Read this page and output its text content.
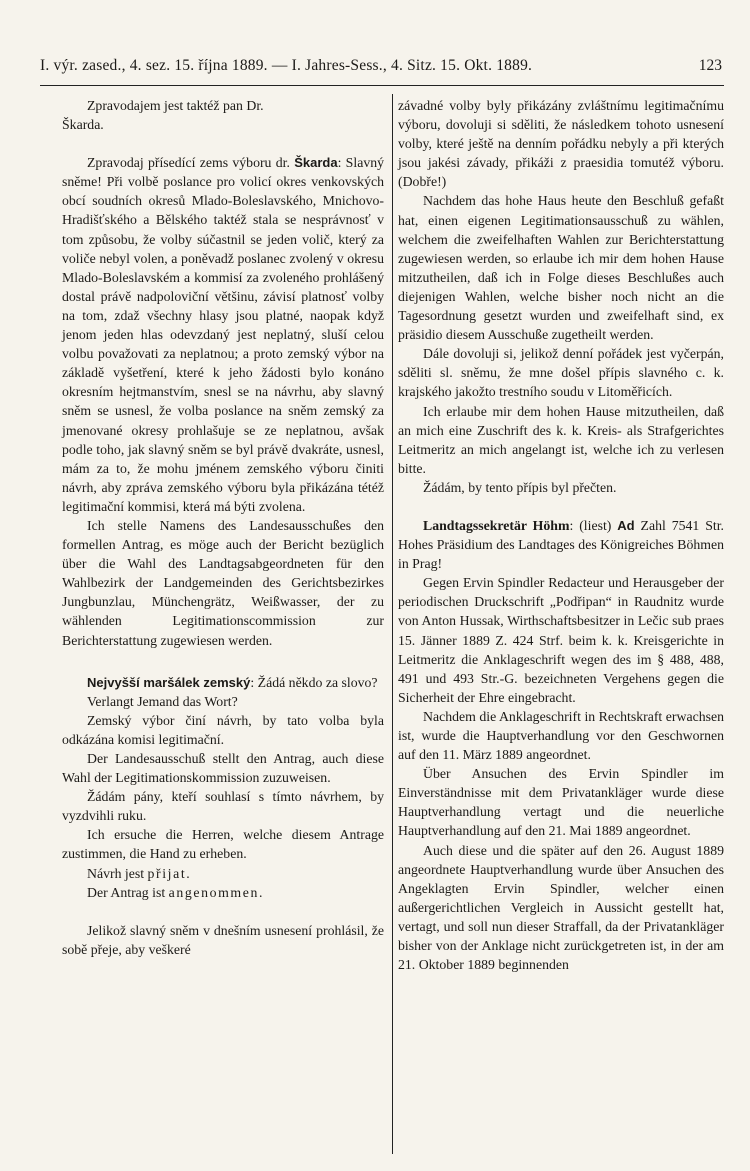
I. výr. zased., 4. sez. 15. října 1889. — I. Jahres-Sess., 4. Sitz. 15. Okt. 1889.	123

Zpravodajem jest taktéž pan Dr.

Škarda.

Zpravodaj přísedící zems výboru dr. Škarda: Slavný sněme! Při volbě poslance pro volicí okres venkovských obcí soudních okresů Mlado-Boleslavského, Mnichovo-Hradišťského a Bělského taktéž stala se nesprávnosť v tom způsobu, že volby súčastnil se jeden volič, který za voliče nebyl volen, a poněvadž poslanec zvolený v okresu Mlado-Boleslavském a kommisí za zvoleného prohlášený dostal právě nadpoloviční většinu, závisí platnosť volby na tom, zdaž všechny hlasy jsou platné, naopak když jenom jeden hlas odevzdaný jest neplatný, sluší celou volbu považovati za neplatnou; a proto zemský výbor na základě vyšetření, které k jeho žádosti bylo konáno okresním hejtmanstvím, snesl se na návrhu, aby slavný sněm se usnesl, že volba poslance na sněm zemský za jmenované okresy prohlašuje se ze neplatnou, avšak podle toho, jak slavný sněm se byl právě dvakráte, usnesl, mám za to, že mohu jménem zemského výboru činiti návrh, aby zpráva zemského výboru byla přikázána tétéž legitimační kommisi, která má býti zvolena.

Ich stelle Namens des Landesausschußes den formellen Antrag, es möge auch der Bericht bezüglich über die Wahl des Landtagsabgeordneten für den Wahlbezirk der Landgemeinden des Gerichtsbezirkes Jungbunzlau, Münchengrätz, Weißwasser, der zu wählenden Legitimationscommission zur Berichterstattung zugewiesen werden.

Nejvyšší maršálek zemský: Žádá někdo za slovo?

Verlangt Jemand das Wort?

Zemský výbor činí návrh, by tato volba byla odkázána komisi legitimační.

Der Landesausschuß stellt den Antrag, auch diese Wahl der Legitimationskommission zuzuweisen.

Žádám pány, kteří souhlasí s tímto návrhem, by vyzdvihli ruku.

Ich ersuche die Herren, welche diesem Antrage zustimmen, die Hand zu erheben.

Návrh jest přijat.

Der Antrag ist angenommen.

Jelikož slavný sněm v dnešním usnesení prohlásil, že sobě přeje, aby veškeré

závadné volby byly přikázány zvláštnímu legitimačnímu výboru, dovoluji si sděliti, že následkem tohoto usnesení volby, které ještě na denním pořádku nebyly a při kterých jsou jakési závady, přikáži z praesidia tomutéž výboru. (Dobře!)

Nachdem das hohe Haus heute den Beschluß gefaßt hat, einen eigenen Legitimationsausschuß zu wählen, welchem die zweifelhaften Wahlen zur Berichterstattung zugewiesen werden, so erlaube ich mir dem hohen Hause mitzutheilen, daß ich in Folge dieses Beschlußes auch diejenigen Wahlen, welche bisher noch nicht an die Tagesordnung gesetzt wurden und zweifelhaft sind, ex präsidio diesem Ausschuße zugetheilt werden.

Dále dovoluji si, jelikož denní pořádek jest vyčerpán, sděliti sl. sněmu, že mne došel přípis slavného c. k. krajského jakožto trestního soudu v Litoměřicích.

Ich erlaube mir dem hohen Hause mitzutheilen, daß an mich eine Zuschrift des k. k. Kreis- als Strafgerichtes Leitmeritz an mich angelangt ist, welche ich zu verlesen bitte.

Žádám, by tento přípis byl přečten.

Landtagssekretär Höhm: (liest) Ad Zahl 7541 Str. Hohes Präsidium des Landtages des Königreiches Böhmen in Prag!

Gegen Ervin Spindler Redacteur und Herausgeber der periodischen Druckschrift „Podřipan“ in Raudnitz wurde von Anton Hussak, Wirthschaftsbesitzer in Lečic sub praes 15. Jänner 1889 Z. 424 Strf. beim k. k. Kreisgerichte in Leitmeritz die Anklageschrift wegen des im § 488, 488, 491 und 493 Str.-G. bezeichneten Vergehens gegen die Sicherheit der Ehre eingebracht.

Nachdem die Anklageschrift in Rechtskraft erwachsen ist, wurde die Hauptverhandlung vor den Geschwornen auf den 11. März 1889 angeordnet.

Über Ansuchen des Ervin Spindler im Einverständnisse mit dem Privatankläger wurde diese Hauptverhandlung vertagt und die neuerliche Hauptverhandlung auf den 21. Mai 1889 angeordnet.

Auch diese und die später auf den 26. August 1889 angeordnete Hauptverhandlung wurde über Ansuchen des Angeklagten Ervin Spindler, welcher einen außergerichtlichen Vergleich in Aussicht gestellt hat, vertagt, und soll nun dieser Straffall, da der Privatankläger bisher von der Anklage nicht zurückgetreten ist, in der am 21. Oktober 1889 beginnenden
